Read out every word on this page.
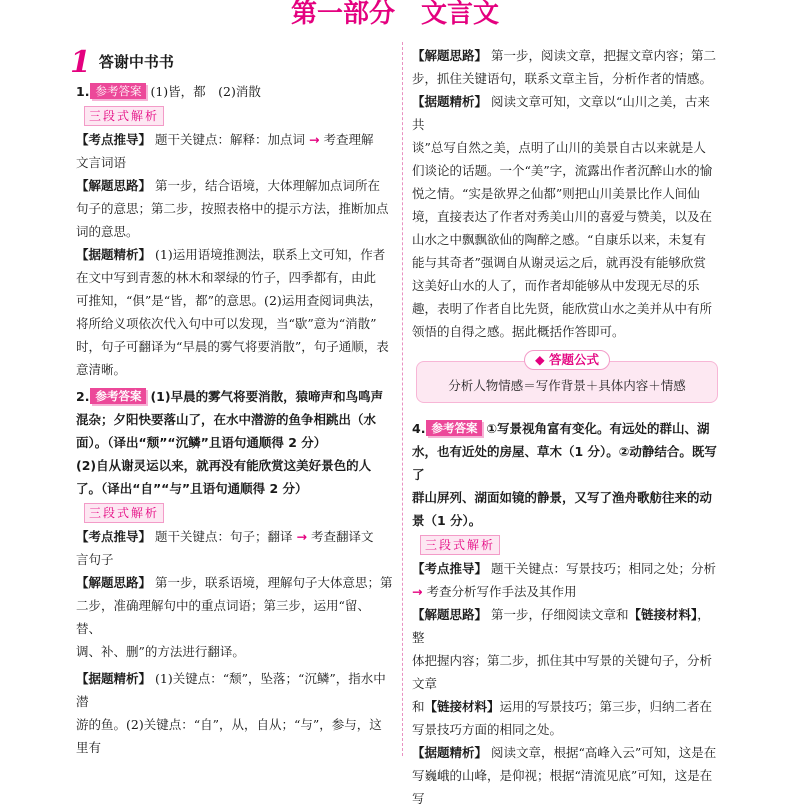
第一部分 文言文
1 答谢中书书
1. 参考答案 (1)皆，都　(2)消散
三段式解析
【考点推导】 题干关键点：解释：加点词 → 考查理解
文言词语
【解题思路】 第一步，结合语境，大体理解加点词所在
句子的意思；第二步，按照表格中的提示方法，推断加点
词的意思。
【据题精析】 (1)运用语境推测法，联系上文可知，作者
在文中写到青葱的林木和翠绿的竹子，四季都有，由此
可推知，“俱”是“皆，都”的意思。(2)运用查阅词典法，
将所给义项依次代入句中可以发现，当“歇”意为“消散”
时，句子可翻译为“早晨的雾气将要消散”，句子通顺，表
意清晰。
2. 参考答案 (1)早晨的雾气将要消散，猿啼声和鸟鸣声
混杂；夕阳快要落山了，在水中潜游的鱼争相跳出（水
面）。（译出“颓”“沉鳞”且语句通顺得 2 分）
(2)自从谢灵运以来，就再没有能欣赏这美好景色的人
了。（译出“自”“与”且语句通顺得 2 分）
三段式解析
【考点推导】 题干关键点：句子；翻译 → 考查翻译文
言句子
【解题思路】 第一步，联系语境，理解句子大体意思；第
二步，准确理解句中的重点词语；第三步，运用“留、替、
调、补、删”的方法进行翻译。
【据题精析】 (1)关键点：“颓”，坠落；“沉鳞”，指水中潜
游的鱼。(2)关键点：“自”，从，自从；“与”，参与，这里有
【解题思路】 第一步，阅读文章，把握文章内容；第二
步，抓住关键语句，联系文章主旨，分析作者的情感。
【据题精析】 阅读文章可知，文章以“山川之美，古来共
谈”总写自然之美，点明了山川的美景自古以来就是人
们谈论的话题。一个“美”字，流露出作者沉醉山水的愉
悦之情。“实是欲界之仙都”则把山川美景比作人间仙
境，直接表达了作者对秀美山川的喜爱与赞美，以及在
山水之中飘飘欲仙的陶醉之感。“自康乐以来，未复有
能与其奇者”强调自从谢灵运之后，就再没有能够欣赏
这美好山水的人了，而作者却能够从中发现无尽的乐
趣，表明了作者自比先贤，能欣赏山水之美并从中有所
领悟的自得之感。据此概括作答即可。
◆ 答题公式
分析人物情感＝写作背景＋具体内容＋情感
4. 参考答案 ①写景视角富有变化。有远处的群山、湖
水，也有近处的房屋、草木（1 分）。②动静结合。既写了
群山屏列、湖面如镜的静景，又写了渔舟歌舫往来的动
景（1 分）。
三段式解析
【考点推导】 题干关键点：写景技巧；相同之处；分析
→ 考查分析写作手法及其作用
【解题思路】 第一步，仔细阅读文章和【链接材料】，整
体把握内容；第二步，抓住其中写景的关键句子，分析文章
和【链接材料】运用的写景技巧；第三步，归纳二者在
写景技巧方面的相同之处。
【据题精析】 阅读文章，根据“高峰入云”可知，这是在
写巍峨的山峰，是仰视；根据“清流见底”可知，这是在写
